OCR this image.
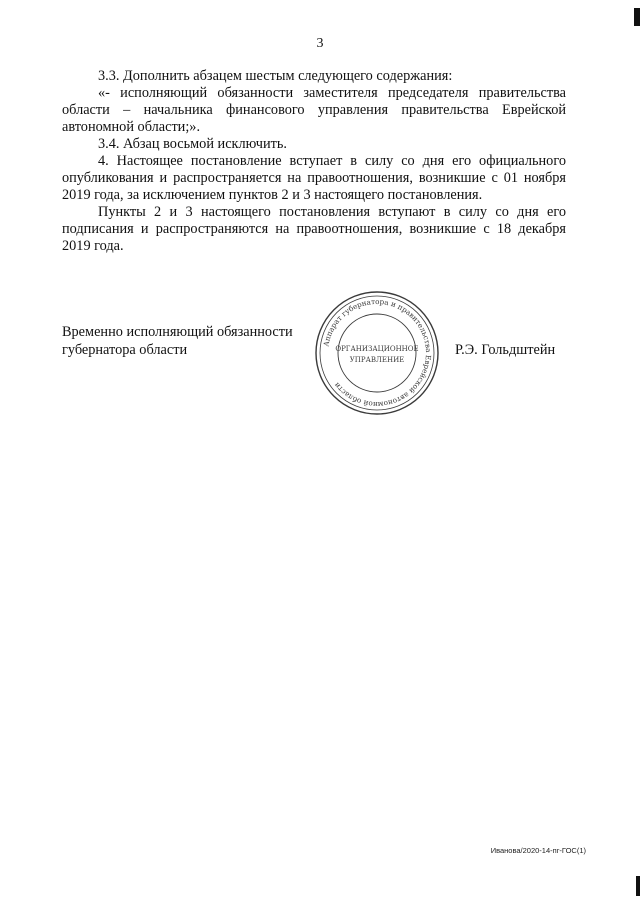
3

3.3. Дополнить абзацем шестым следующего содержания:

«- исполняющий обязанности заместителя председателя правительства области – начальника финансового управления правительства Еврейской автономной области;».

3.4. Абзац восьмой исключить.

4. Настоящее постановление вступает в силу со дня его официального опубликования и распространяется на правоотношения, возникшие с 01 ноября 2019 года, за исключением пунктов 2 и 3 настоящего постановления.

Пункты 2 и 3 настоящего постановления вступают в силу со дня его подписания и распространяются на правоотношения, возникшие с 18 декабря 2019 года.

Временно исполняющий обязанности
губернатора области	Аппарат губернатора и правительства Еврейской автономной области
ОРГАНИЗАЦИОННОЕ
УПРАВЛЕНИЕ
Р.Э. Гольдштейн
Иванова/2020-14-пг-ГОС(1)
